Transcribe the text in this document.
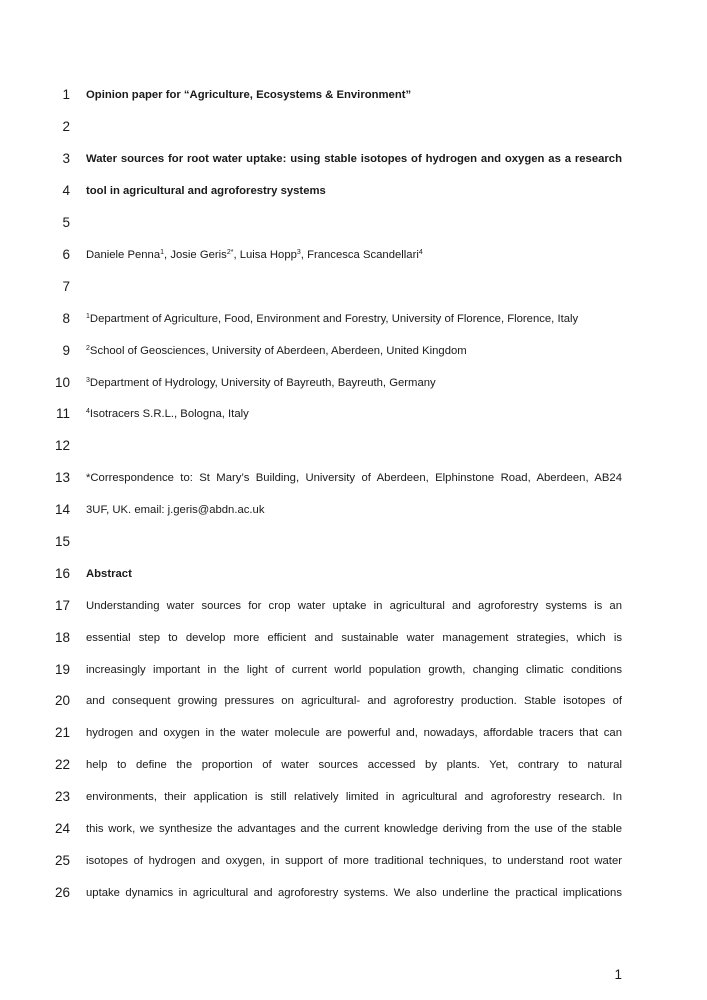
1 Opinion paper for “Agriculture, Ecosystems & Environment”
2
3 Water sources for root water uptake: using stable isotopes of hydrogen and oxygen as a research
4 tool in agricultural and agroforestry systems
5
6 Daniele Penna$^1$, Josie Geris$^{2*}$, Luisa Hopp$^3$, Francesca Scandellari$^4$
7
8 $^1$Department of Agriculture, Food, Environment and Forestry, University of Florence, Florence, Italy
9 $^2$School of Geosciences, University of Aberdeen, Aberdeen, United Kingdom
10 $^3$Department of Hydrology, University of Bayreuth, Bayreuth, Germany
11 $^4$Isotracers S.R.L., Bologna, Italy
12
13 *Correspondence to: St Mary’s Building, University of Aberdeen, Elphinstone Road, Aberdeen, AB24
14 3UF, UK. email: j.geris@abdn.ac.uk
15
16 Abstract
17 Understanding water sources for crop water uptake in agricultural and agroforestry systems is an
18 essential step to develop more efficient and sustainable water management strategies, which is
19 increasingly important in the light of current world population growth, changing climatic conditions
20 and consequent growing pressures on agricultural- and agroforestry production. Stable isotopes of
21 hydrogen and oxygen in the water molecule are powerful and, nowadays, affordable tracers that can
22 help to define the proportion of water sources accessed by plants. Yet, contrary to natural
23 environments, their application is still relatively limited in agricultural and agroforestry research. In
24 this work, we synthesize the advantages and the current knowledge deriving from the use of the stable
25 isotopes of hydrogen and oxygen, in support of more traditional techniques, to understand root water
26 uptake dynamics in agricultural and agroforestry systems. We also underline the practical implications
1
